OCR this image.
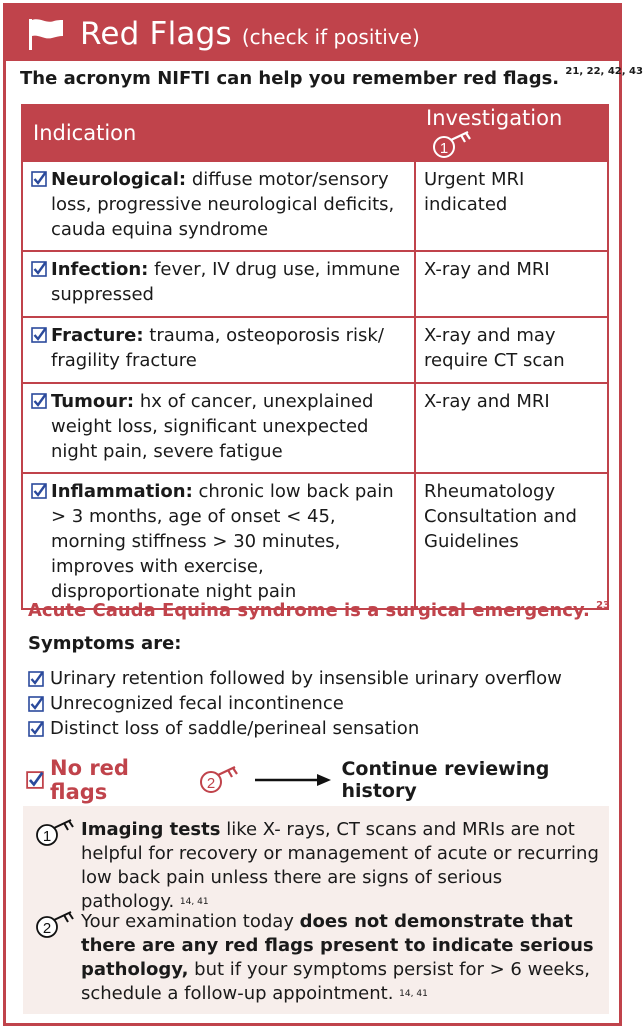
Red Flags (check if positive)
The acronym NIFTI can help you remember red flags. $^{21, 22, 42, 43}$
Indication	Investigation
1

Neurological: diffuse motor/sensory loss, progressive neurological deficits, cauda equina syndrome	Urgent MRI indicated

Infection: fever, IV drug use, immune suppressed	X-ray and MRI

Fracture: trauma, osteoporosis risk/ fragility fracture	X-ray and may require CT scan

Tumour: hx of cancer, unexplained weight loss, significant unexpected night pain, severe fatigue	X-ray and MRI

Inflammation: chronic low back pain > 3 months, age of onset < 45, morning stiffness > 30 minutes, improves with exercise, disproportionate night pain	Rheumatology Consultation and Guidelines
Acute Cauda Equina syndrome is a surgical emergency. $^{23}$
Symptoms are:
Urinary retention followed by insensible urinary overflow
Unrecognized fecal incontinence
Distinct loss of saddle/perineal sensation
No red flags	2
Continue reviewing history
1 Imaging tests like X- rays, CT scans and MRIs are not helpful for recovery or management of acute or recurring low back pain unless there are signs of serious pathology. $^{14, 41}$
2 Your examination today does not demonstrate that there are any red flags present to indicate serious pathology, but if your symptoms persist for > 6 weeks, schedule a follow-up appointment. $^{14, 41}$
